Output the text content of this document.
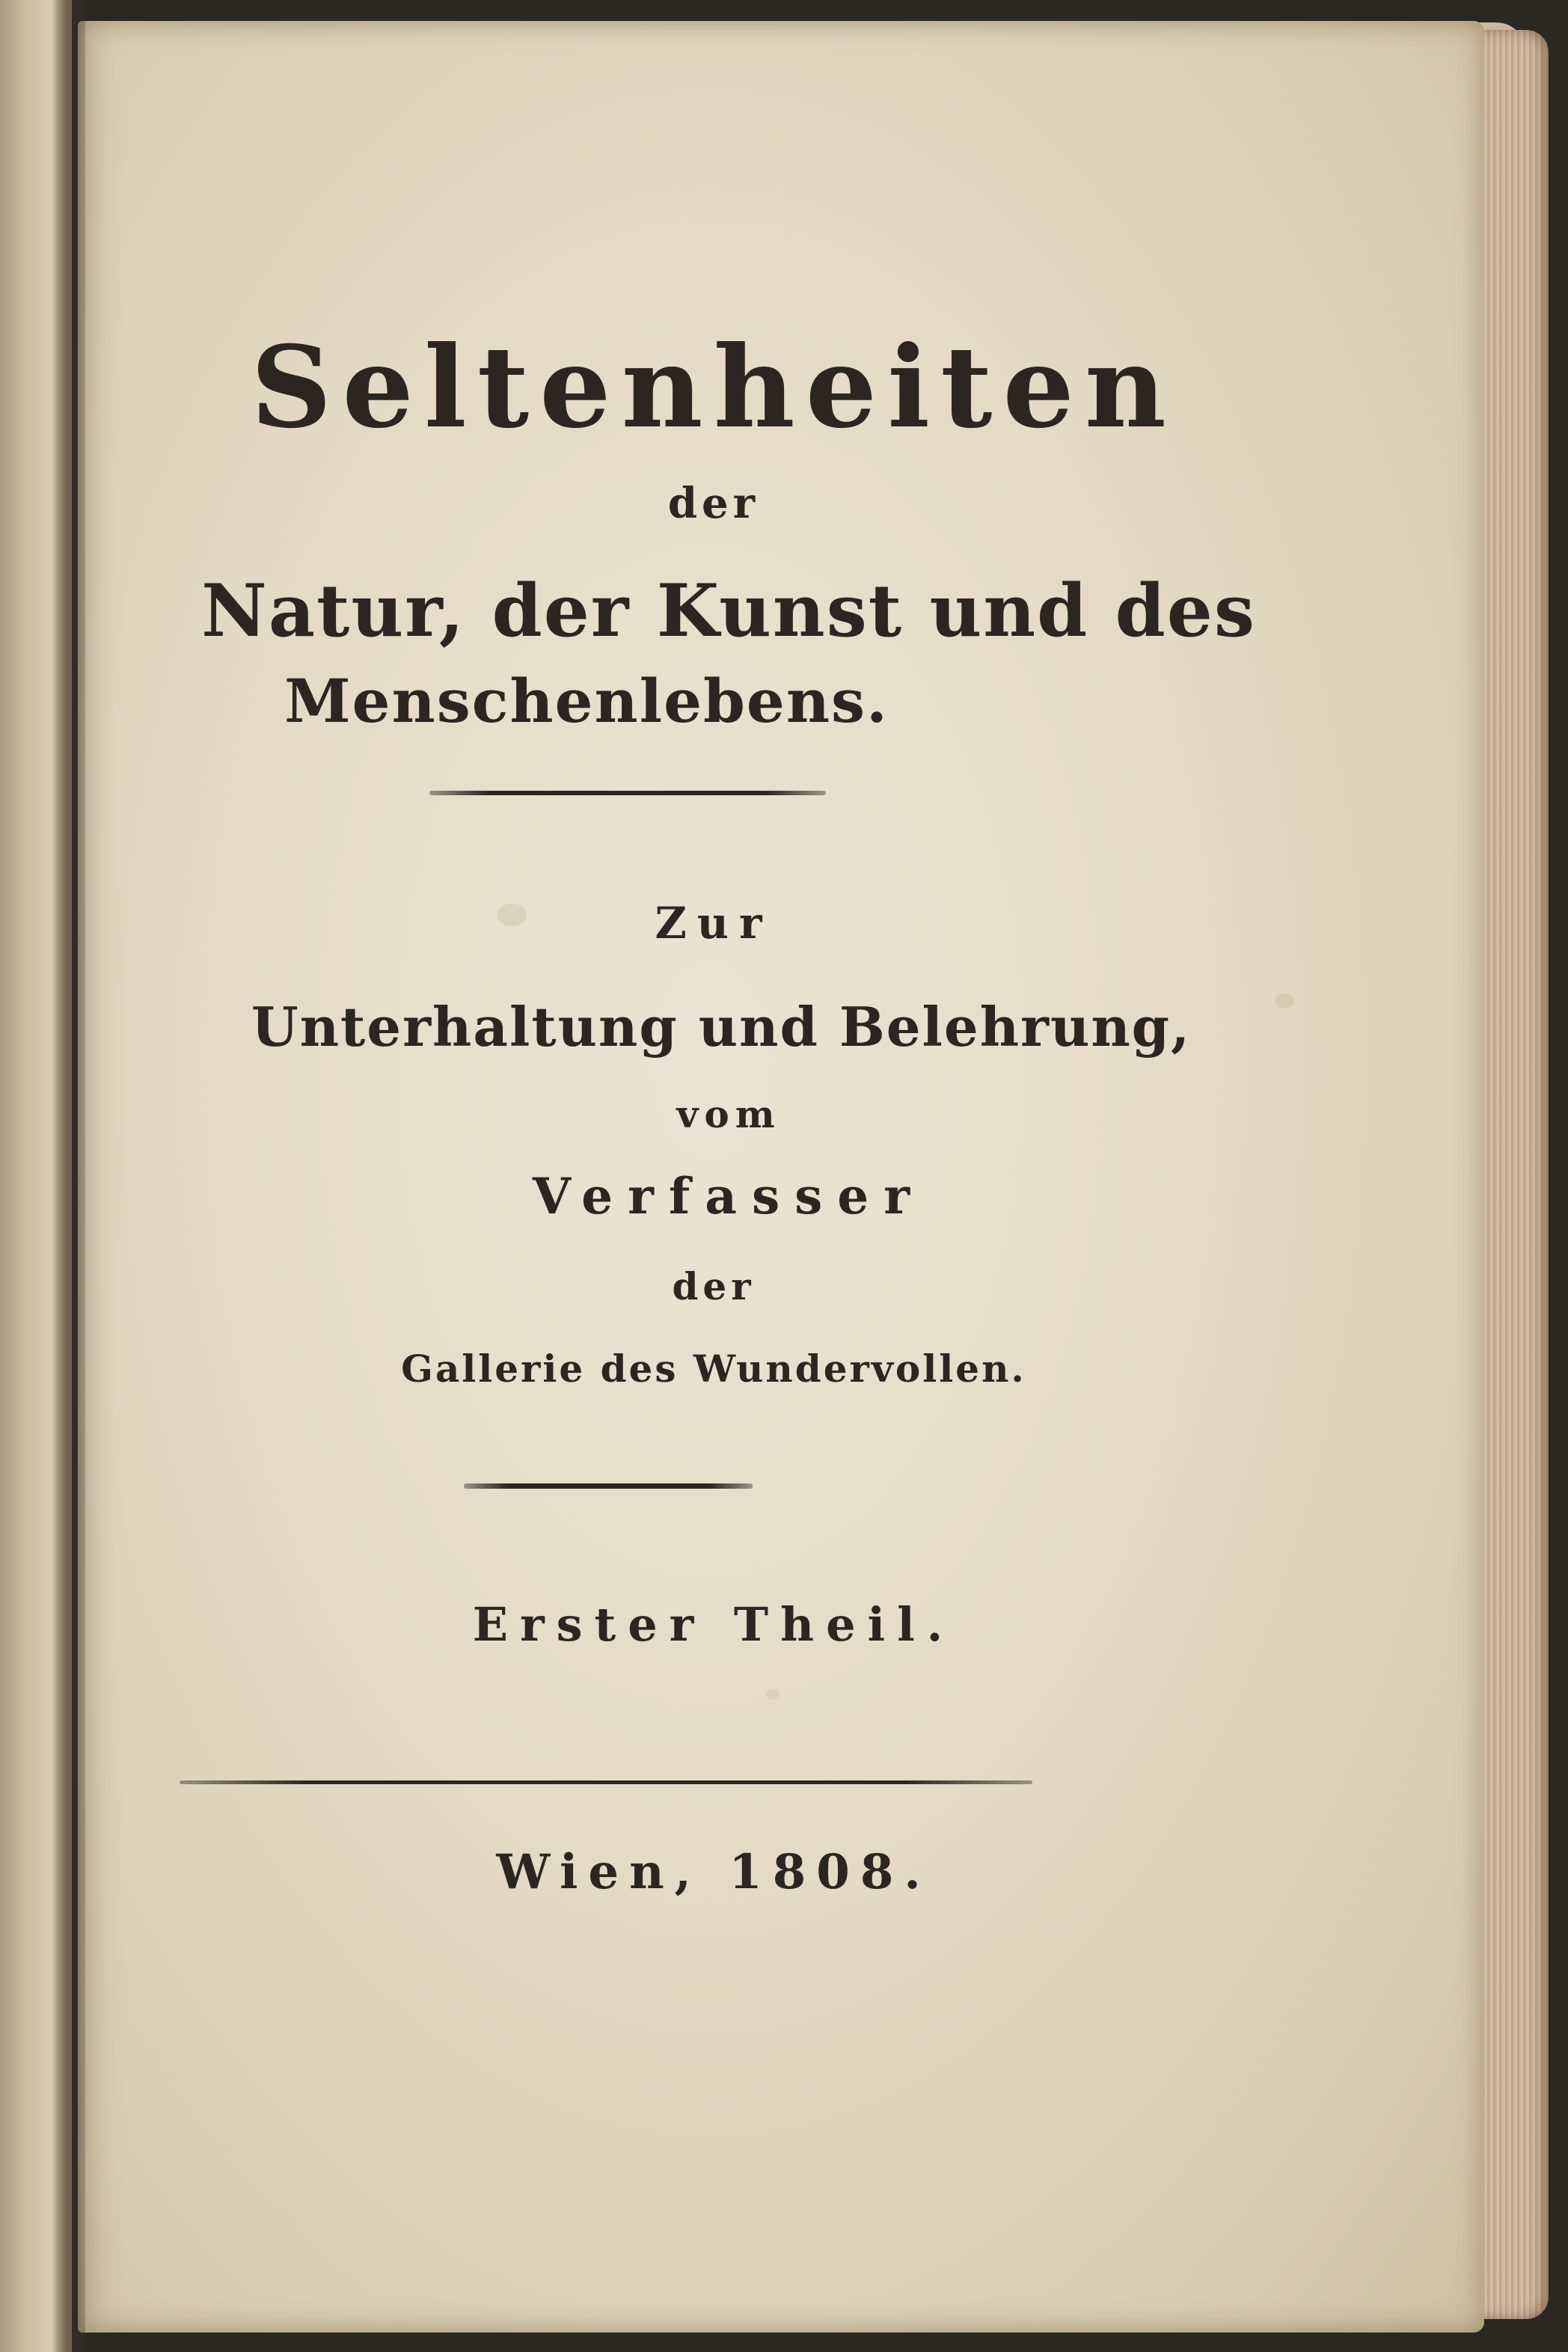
Seltenheiten
der
Natur, der Kunst und des
Menschenlebens.
Zur
Unterhaltung und Belehrung,
vom
Verfasser
der
Gallerie des Wundervollen.
Erster Theil.
Wien, 1808.
